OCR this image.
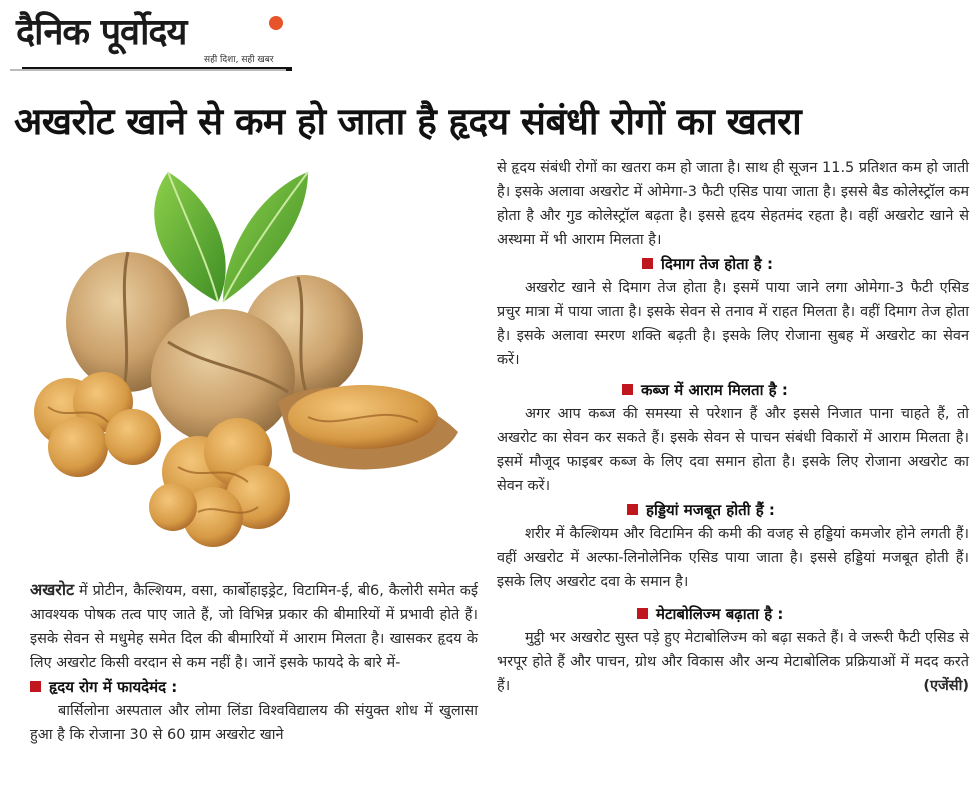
दैनिक पूर्वोदय
सही दिशा, सही खबर
अखरोट खाने से कम हो जाता है हृदय संबंधी रोगों का खतरा

से हृदय संबंधी रोगों का खतरा कम हो जाता है। साथ ही सूजन 11.5 प्रतिशत कम हो जाती है। इसके अलावा अखरोट में ओमेगा-3 फैटी एसिड पाया जाता है। इससे बैड कोलेस्ट्रॉल कम होता है और गुड कोलेस्ट्रॉल बढ़ता है। इससे हृदय सेहतमंद रहता है। वहीं अखरोट खाने से अस्थमा में भी आराम मिलता है।

दिमाग तेज होता है :

अखरोट खाने से दिमाग तेज होता है। इसमें पाया जाने लगा ओमेगा-3 फैटी एसिड प्रचुर मात्रा में पाया जाता है। इसके सेवन से तनाव में राहत मिलता है। वहीं दिमाग तेज होता है। इसके अलावा स्मरण शक्ति बढ़ती है। इसके लिए रोजाना सुबह में अखरोट का सेवन करें।

कब्ज में आराम मिलता है :

अगर आप कब्ज की समस्या से परेशान हैं और इससे निजात पाना चाहते हैं, तो अखरोट का सेवन कर सकते हैं। इसके सेवन से पाचन संबंधी विकारों में आराम मिलता है। इसमें मौजूद फाइबर कब्ज के लिए दवा समान होता है। इसके लिए रोजाना अखरोट का सेवन करें।

हड्डियां मजबूत होती हैं :

शरीर में कैल्शियम और विटामिन की कमी की वजह से हड्डियां कमजोर होने लगती हैं। वहीं अखरोट में अल्फा-लिनोलेनिक एसिड पाया जाता है। इससे हड्डियां मजबूत होती हैं। इसके लिए अखरोट दवा के समान है।

मेटाबोलिज्म बढ़ाता है :

मुट्ठी भर अखरोट सुस्त पड़े हुए मेटाबोलिज्म को बढ़ा सकते हैं। वे जरूरी फैटी एसिड से भरपूर होते हैं और पाचन, ग्रोथ और विकास और अन्य मेटाबोलिक प्रक्रियाओं में मदद करते हैं।	(एजेंसी)

अखरोट में प्रोटीन, कैल्शियम, वसा, कार्बोहाइड्रेट, विटामिन-ई, बी6, कैलोरी समेत कई आवश्यक पोषक तत्व पाए जाते हैं, जो विभिन्न प्रकार की बीमारियों में प्रभावी होते हैं। इसके सेवन से मधुमेह समेत दिल की बीमारियों में आराम मिलता है। खासकर हृदय के लिए अखरोट किसी वरदान से कम नहीं है। जानें इसके फायदे के बारे में-

हृदय रोग में फायदेमंद :

बार्सिलोना अस्पताल और लोमा लिंडा विश्वविद्यालय की संयुक्त शोध में खुलासा हुआ है कि रोजाना 30 से 60 ग्राम अखरोट खाने
